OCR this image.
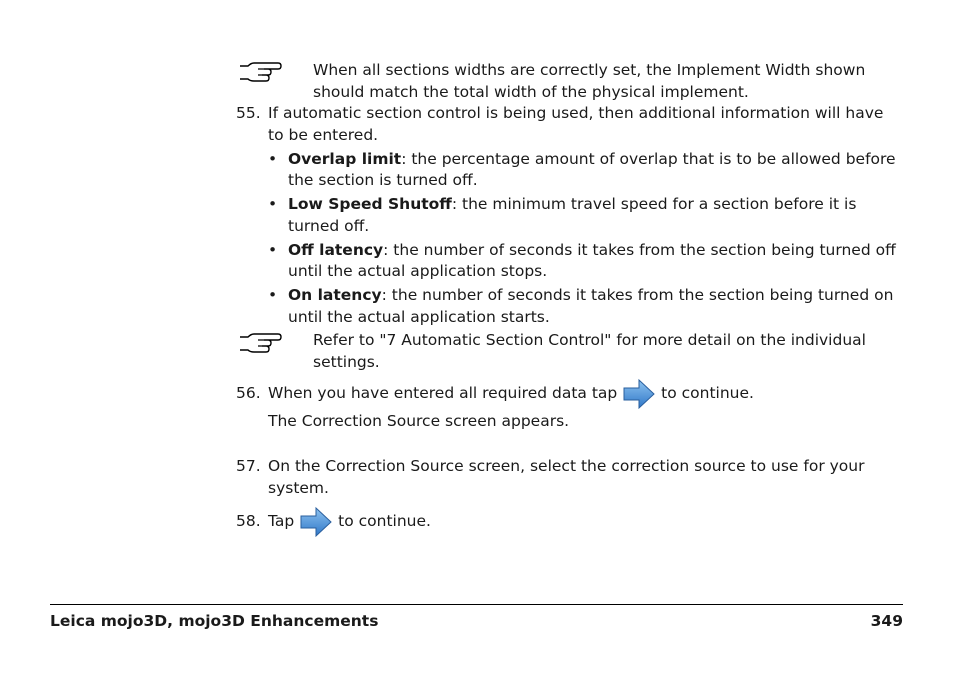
When all sections widths are correctly set, the Implement Width shown
should match the total width of the physical implement.
55. If automatic section control is being used, then additional information will have
to be entered.
• Overlap limit: the percentage amount of overlap that is to be allowed before
the section is turned off.
• Low Speed Shutoff: the minimum travel speed for a section before it is
turned off.
• Off latency: the number of seconds it takes from the section being turned off
until the actual application stops.
• On latency: the number of seconds it takes from the section being turned on
until the actual application starts.
Refer to "7 Automatic Section Control" for more detail on the individual
settings.
56. When you have entered all required data tap	to continue.
The Correction Source screen appears.
57. On the Correction Source screen, select the correction source to use for your
system.
58. Tap	to continue.
Leica mojo3D, mojo3D Enhancements	349
